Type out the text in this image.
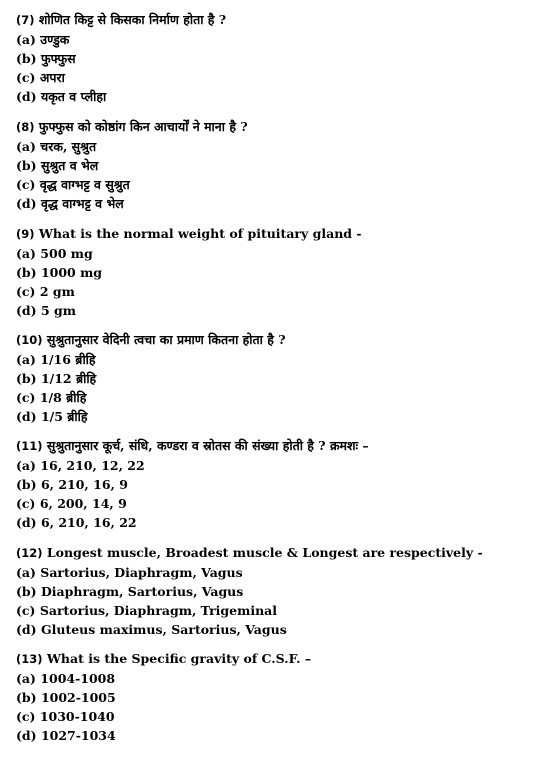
(7) शोणित किट्ट से किसका निर्माण होता है ?
(a) उण्डुक
(b) फुफ्फुस
(c) अपरा
(d) यकृत व प्लीहा
(8) फुफ्फुस को कोष्ठांग किन आचार्यों ने माना है ?
(a) चरक, सुश्रुत
(b) सुश्रुत व भेल
(c) वृद्ध वाग्भट्ट व सुश्रुत
(d) वृद्ध वाग्भट्ट व भेल
(9) What is the normal weight of pituitary gland -
(a) 500 mg
(b) 1000 mg
(c) 2 gm
(d) 5 gm
(10) सुश्रुतानुसार वेदिनी त्वचा का प्रमाण कितना होता है ?
(a) 1/16 ब्रीहि
(b) 1/12 ब्रीहि
(c) 1/8 ब्रीहि
(d) 1/5 ब्रीहि
(11) सुश्रुतानुसार कूर्च, संधि, कण्डरा व स्रोतस की संख्या होती है ? क्रमशः –
(a) 16, 210, 12, 22
(b) 6, 210, 16, 9
(c) 6, 200, 14, 9
(d) 6, 210, 16, 22
(12) Longest muscle, Broadest muscle & Longest are respectively -
(a) Sartorius, Diaphragm, Vagus
(b) Diaphragm, Sartorius, Vagus
(c) Sartorius, Diaphragm, Trigeminal
(d) Gluteus maximus, Sartorius, Vagus
(13) What is the Specific gravity of C.S.F. –
(a) 1004-1008
(b) 1002-1005
(c) 1030-1040
(d) 1027-1034
